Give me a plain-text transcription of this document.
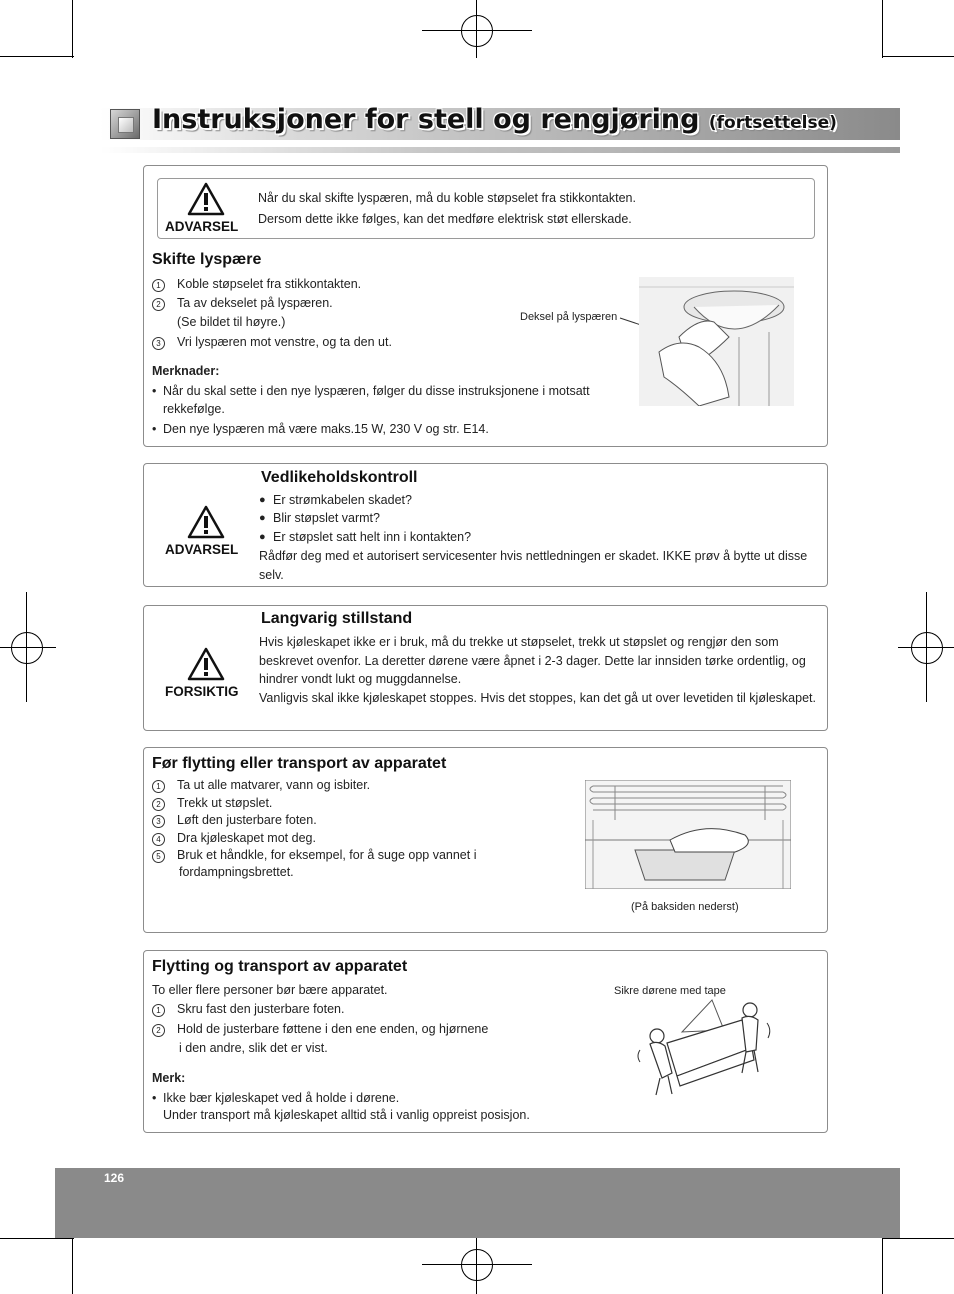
Instruksjoner for stell og rengjøring (fortsettelse)
ADVARSEL
Når du skal skifte lyspæren, må du koble støpselet fra stikkontakten.
Dersom dette ikke følges, kan det medføre elektrisk støt ellerskade.
Skifte lyspære
1	Koble støpselet fra stikkontakten.
2	Ta av dekselet på lyspæren.
(Se bildet til høyre.)
3	Vri lyspæren mot venstre, og ta den ut.
Merknader:
• Når du skal sette i den nye lyspæren, følger du disse instruksjonene i motsatt
rekkefølge.
• Den nye lyspæren må være maks.15 W, 230 V og str. E14.
Deksel på lyspæren
ADVARSEL
Vedlikeholdskontroll
● Er strømkabelen skadet?
● Blir støpslet varmt?
● Er støpslet satt helt inn i kontakten?
Rådfør deg med et autorisert servicesenter hvis nettledningen er skadet. IKKE prøv å bytte ut disse selv.
FORSIKTIG
Langvarig stillstand
Hvis kjøleskapet ikke er i bruk, må du trekke ut støpselet, trekk ut støpslet og rengjør den som beskrevet ovenfor. La deretter dørene være åpnet i 2-3 dager. Dette lar innsiden tørke ordentlig, og hindrer vondt lukt og muggdannelse.
Vanligvis skal ikke kjøleskapet stoppes. Hvis det stoppes, kan det gå ut over levetiden til kjøleskapet.
Før flytting eller transport av apparatet
1	Ta ut alle matvarer, vann og isbiter.
2	Trekk ut støpslet.
3	Løft den justerbare foten.
4	Dra kjøleskapet mot deg.
5	Bruk et håndkle, for eksempel, for å suge opp vannet i
fordampningsbrettet.
(På baksiden nederst)
Flytting og transport av apparatet
To eller flere personer bør bære apparatet.
1	Skru fast den justerbare foten.
2	Hold de justerbare føttene i den ene enden, og hjørnene
i den andre, slik det er vist.
Merk:
• Ikke bær kjøleskapet ved å holde i dørene.
Under transport må kjøleskapet alltid stå i vanlig oppreist posisjon.
Sikre dørene med tape
126
